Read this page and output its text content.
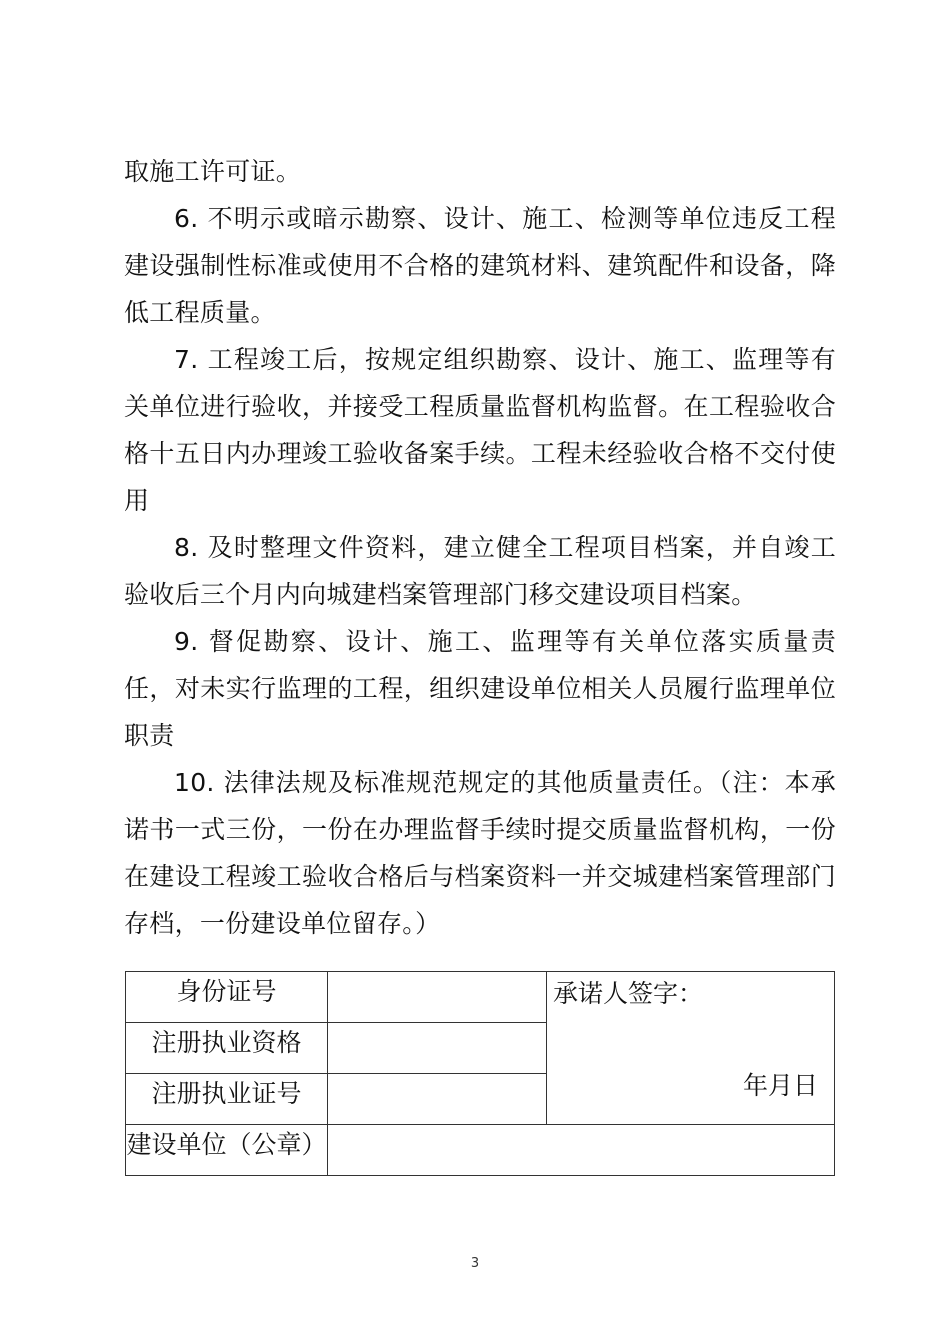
取施工许可证。

6. 不明示或暗示勘察、设计、施工、检测等单位违反工程建设强制性标准或使用不合格的建筑材料、建筑配件和设备，降低工程质量。

7. 工程竣工后，按规定组织勘察、设计、施工、监理等有关单位进行验收，并接受工程质量监督机构监督。在工程验收合格十五日内办理竣工验收备案手续。工程未经验收合格不交付使用

8. 及时整理文件资料，建立健全工程项目档案，并自竣工验收后三个月内向城建档案管理部门移交建设项目档案。

9. 督促勘察、设计、施工、监理等有关单位落实质量责任，对未实行监理的工程，组织建设单位相关人员履行监理单位职责

10. 法律法规及标准规范规定的其他质量责任。（注：本承诺书一式三份，一份在办理监督手续时提交质量监督机构，一份在建设工程竣工验收合格后与档案资料一并交城建档案管理部门存档，一份建设单位留存。）

身份证号		承诺人签字：
年月日

注册执业资格		

注册执业证号		

建设单位（公章）		

3
